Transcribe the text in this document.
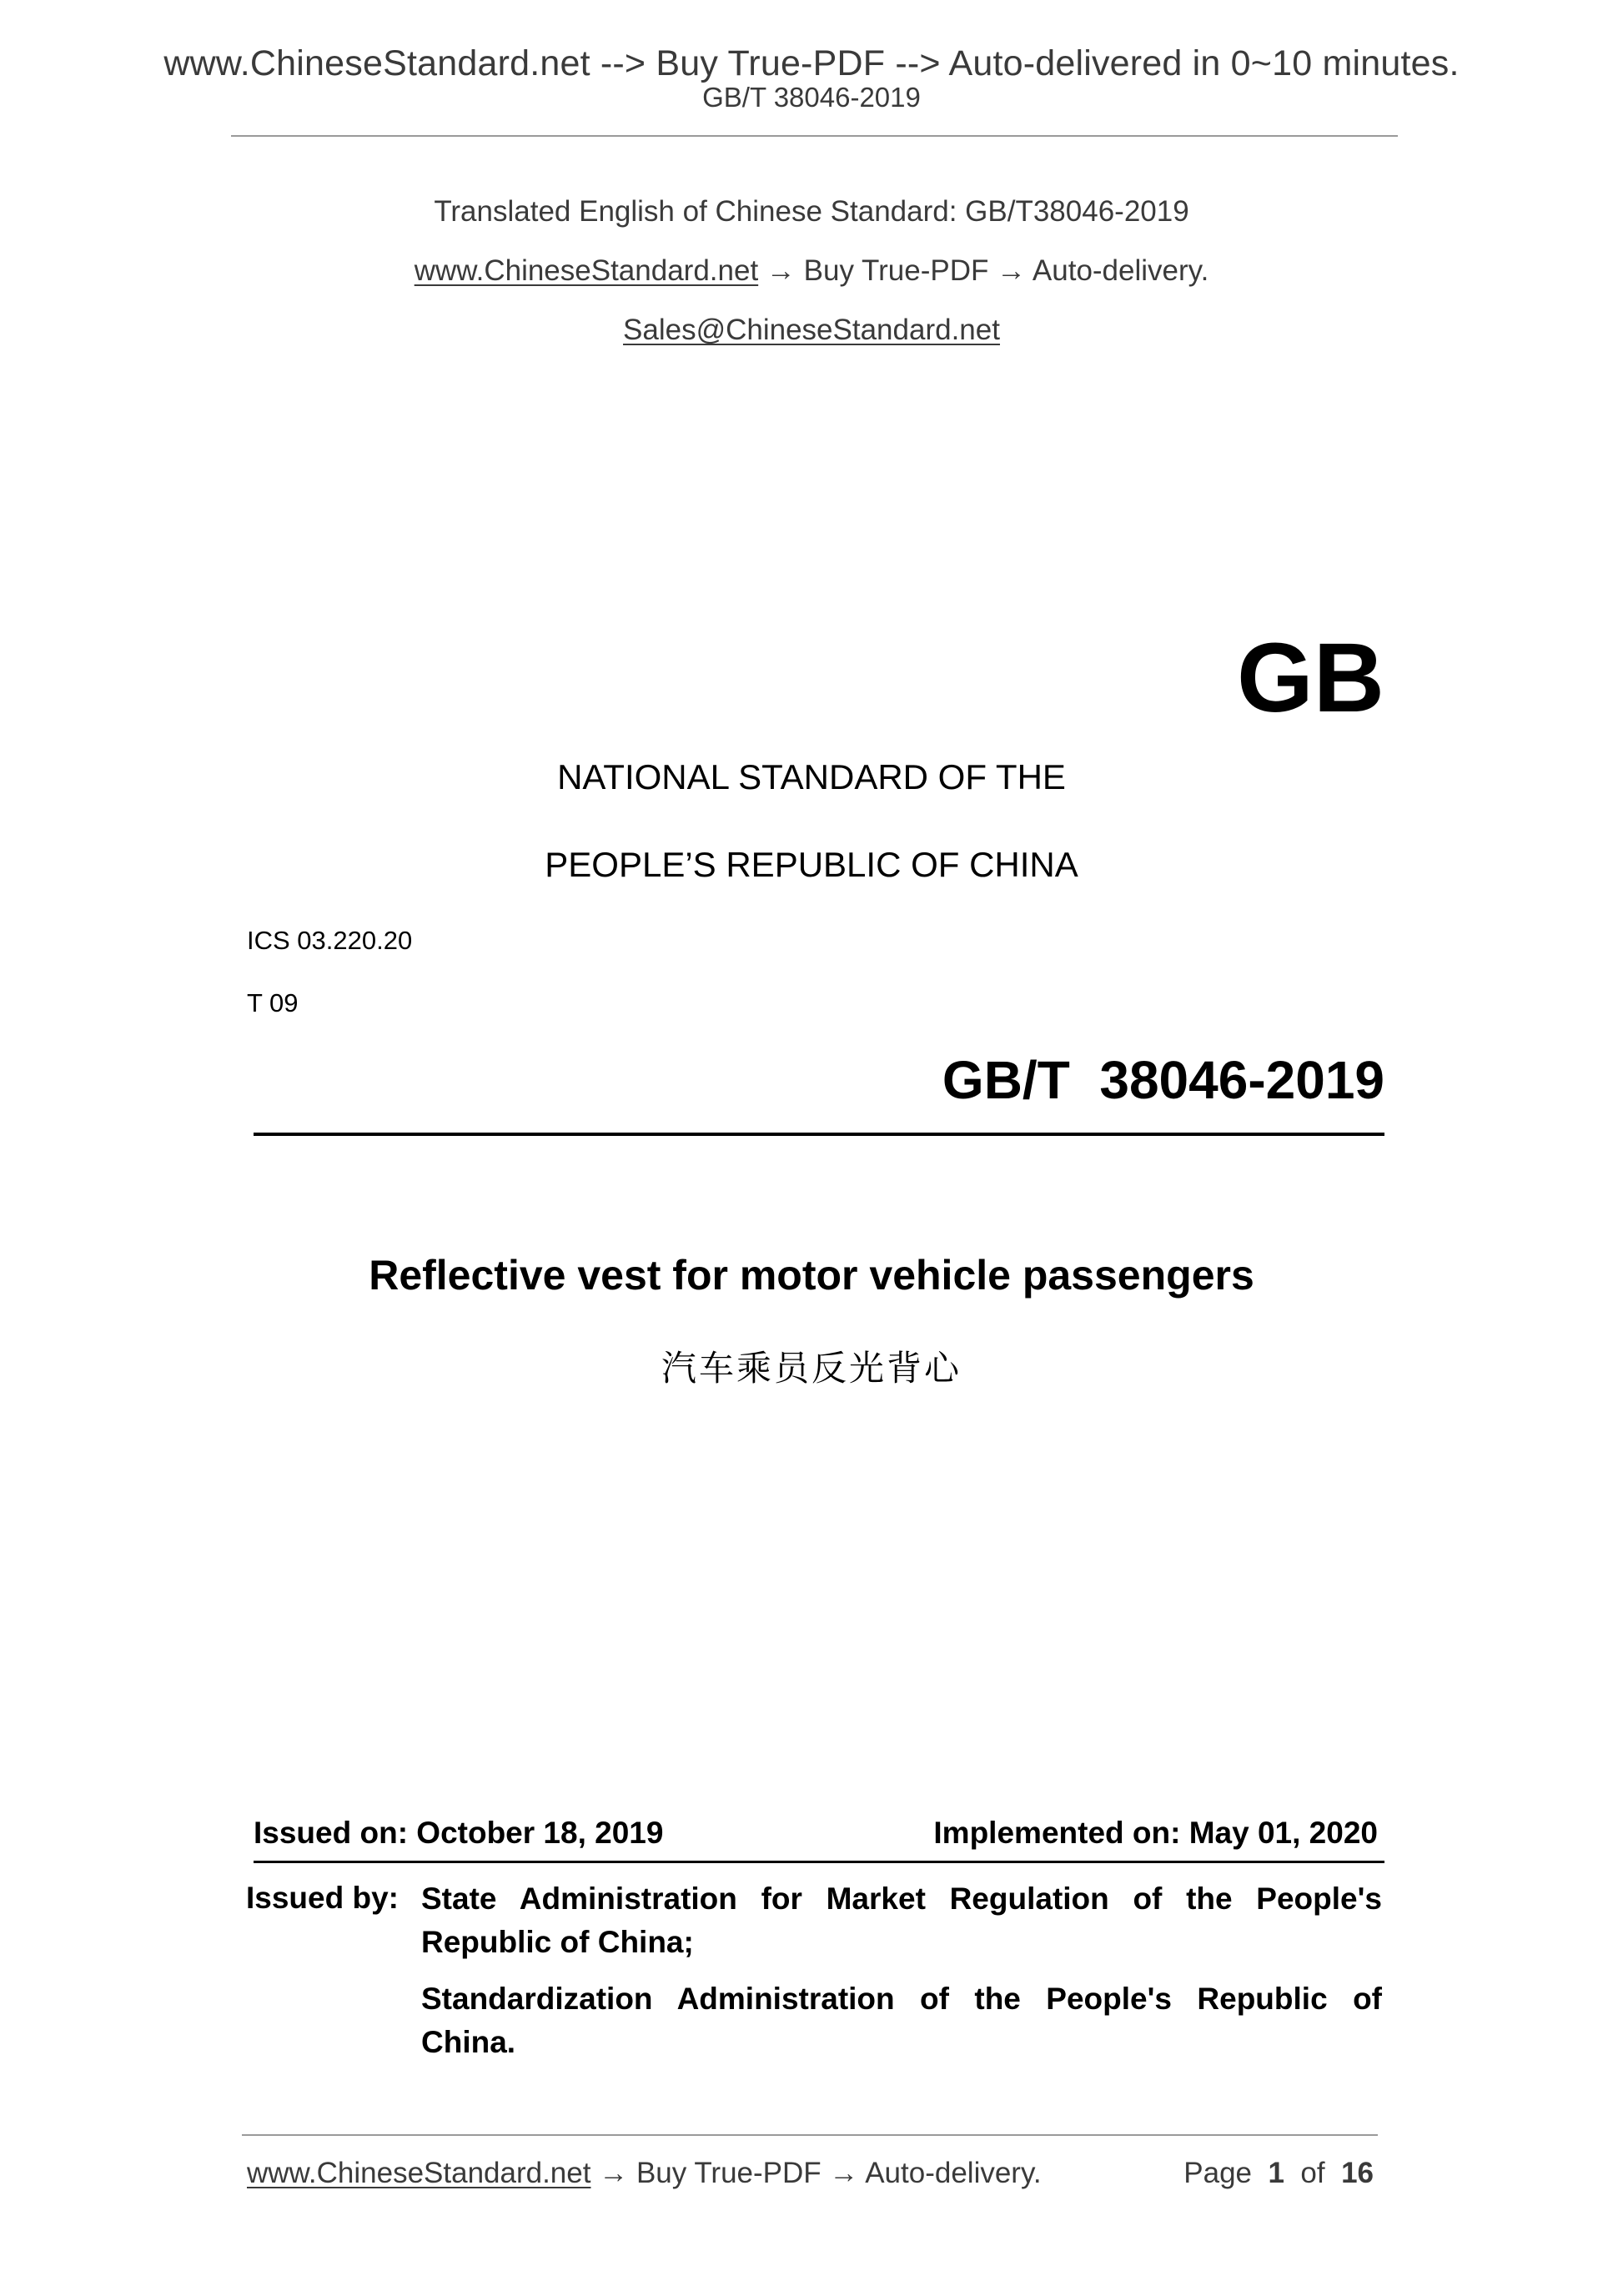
www.ChineseStandard.net --> Buy True-PDF --> Auto-delivered in 0~10 minutes.
GB/T 38046-2019
Translated English of Chinese Standard: GB/T38046-2019
www.ChineseStandard.net → Buy True-PDF → Auto-delivery.
Sales@ChineseStandard.net
GB
NATIONAL STANDARD OF THE
PEOPLE’S REPUBLIC OF CHINA
ICS 03.220.20
T 09
GB/T  38046-2019
Reflective vest for motor vehicle passengers
汽车乘员反光背心
Issued on: October 18, 2019	Implemented on: May 01, 2020
Issued by: State Administration for Market Regulation of the People's
Republic of China;
Standardization Administration of the People's Republic of
China.
www.ChineseStandard.net → Buy True-PDF → Auto-delivery.	Page 1 of 16
